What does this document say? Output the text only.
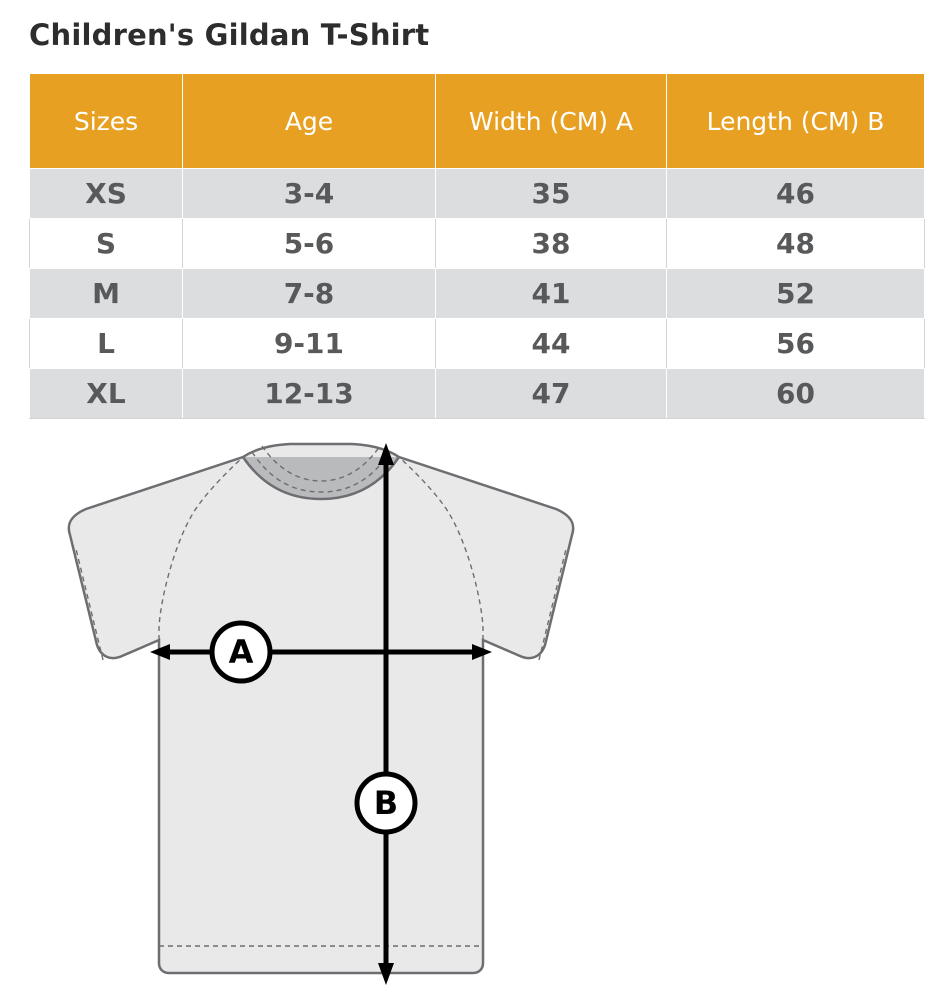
Children's Gildan T-Shirt
Sizes	Age	Width (CM) A	Length (CM) B
XS	3-4	35	46
S	5-6	38	48
M	7-8	41	52
L	9-11	44	56
XL	12-13	47	60
A
B
